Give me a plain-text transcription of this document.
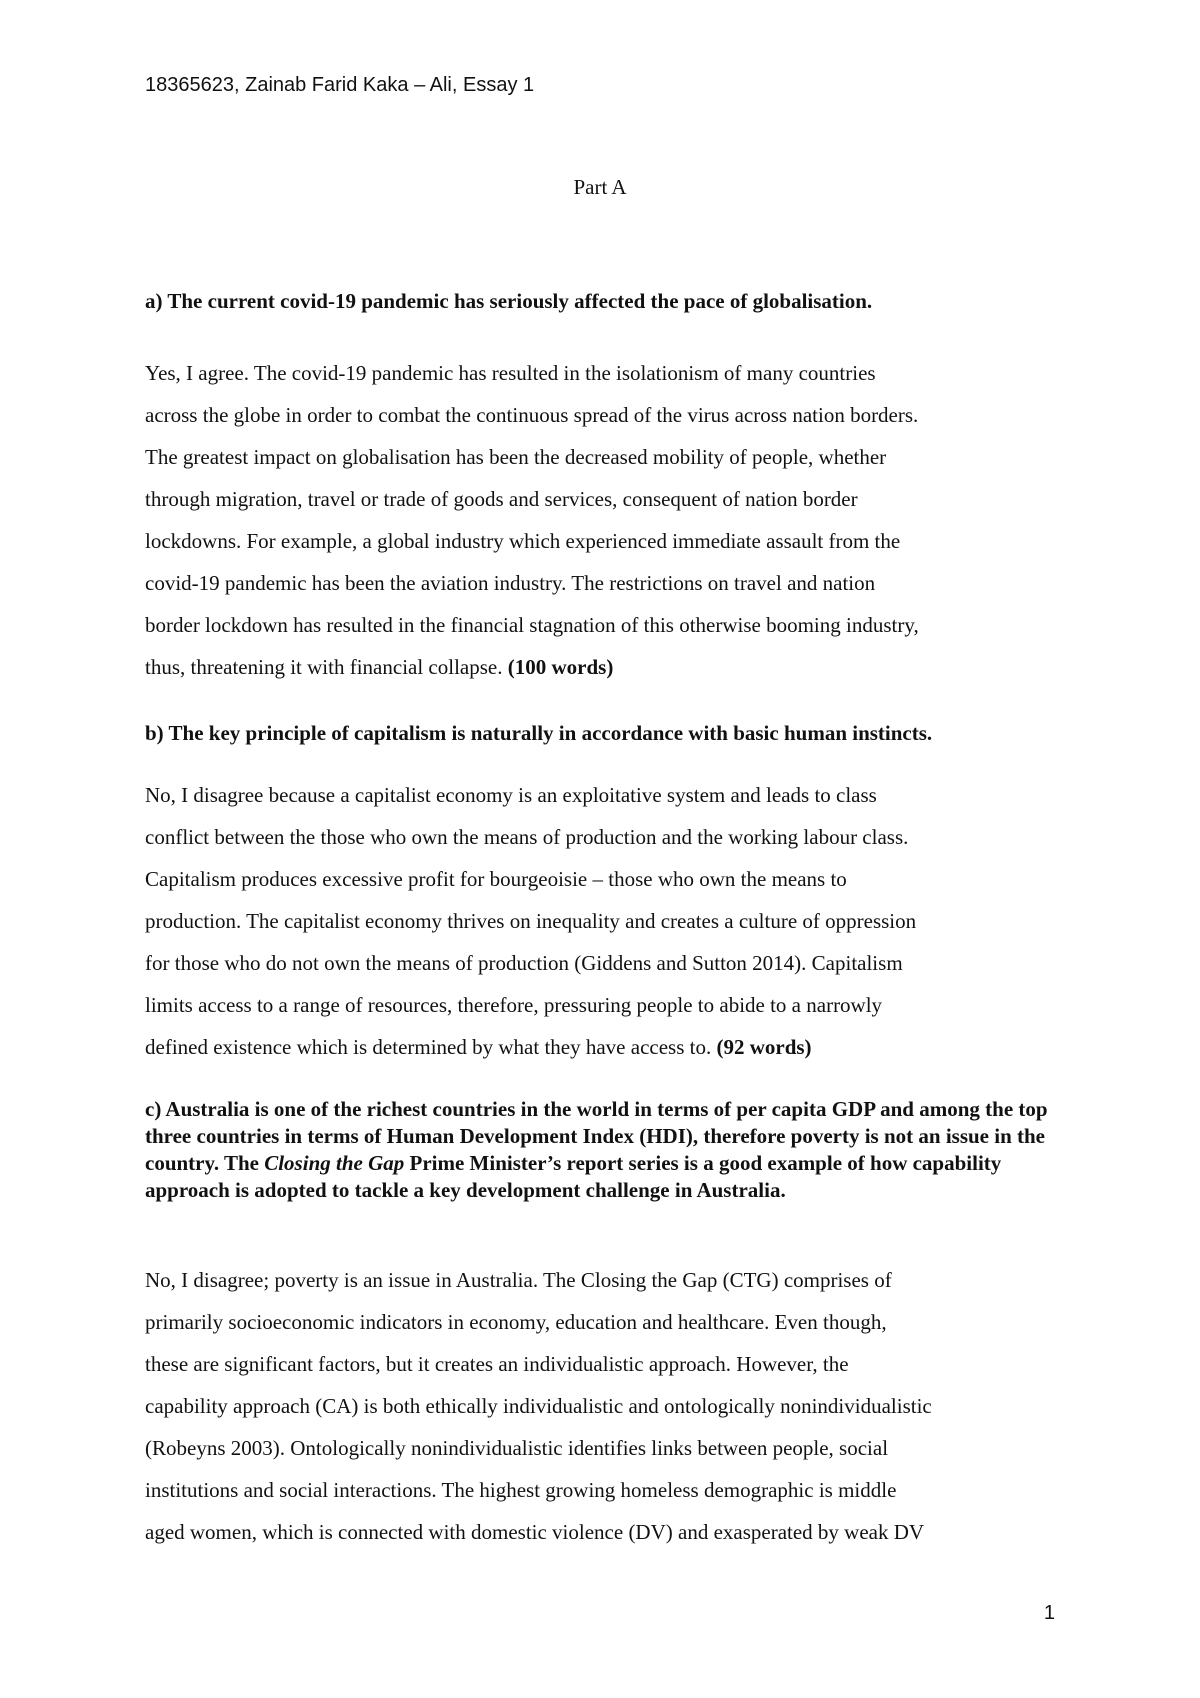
18365623, Zainab Farid Kaka – Ali, Essay 1
Part A
a) The current covid-19 pandemic has seriously affected the pace of globalisation.

Yes, I agree. The covid-19 pandemic has resulted in the isolationism of many countries

across the globe in order to combat the continuous spread of the virus across nation borders.

The greatest impact on globalisation has been the decreased mobility of people, whether

through migration, travel or trade of goods and services, consequent of nation border

lockdowns. For example, a global industry which experienced immediate assault from the

covid-19 pandemic has been the aviation industry. The restrictions on travel and nation

border lockdown has resulted in the financial stagnation of this otherwise booming industry,

thus, threatening it with financial collapse. (100 words)

b) The key principle of capitalism is naturally in accordance with basic human instincts.

No, I disagree because a capitalist economy is an exploitative system and leads to class

conflict between the those who own the means of production and the working labour class.

Capitalism produces excessive profit for bourgeoisie – those who own the means to

production. The capitalist economy thrives on inequality and creates a culture of oppression

for those who do not own the means of production (Giddens and Sutton 2014). Capitalism

limits access to a range of resources, therefore, pressuring people to abide to a narrowly

defined existence which is determined by what they have access to. (92 words)

c) Australia is one of the richest countries in the world in terms of per capita GDP and among the top three countries in terms of Human Development Index (HDI), therefore poverty is not an issue in the country. The Closing the Gap Prime Minister’s report series is a good example of how capability approach is adopted to tackle a key development challenge in Australia.

No, I disagree; poverty is an issue in Australia. The Closing the Gap (CTG) comprises of

primarily socioeconomic indicators in economy, education and healthcare. Even though,

these are significant factors, but it creates an individualistic approach. However, the

capability approach (CA) is both ethically individualistic and ontologically nonindividualistic

(Robeyns 2003). Ontologically nonindividualistic identifies links between people, social

institutions and social interactions. The highest growing homeless demographic is middle

aged women, which is connected with domestic violence (DV) and exasperated by weak DV

1
